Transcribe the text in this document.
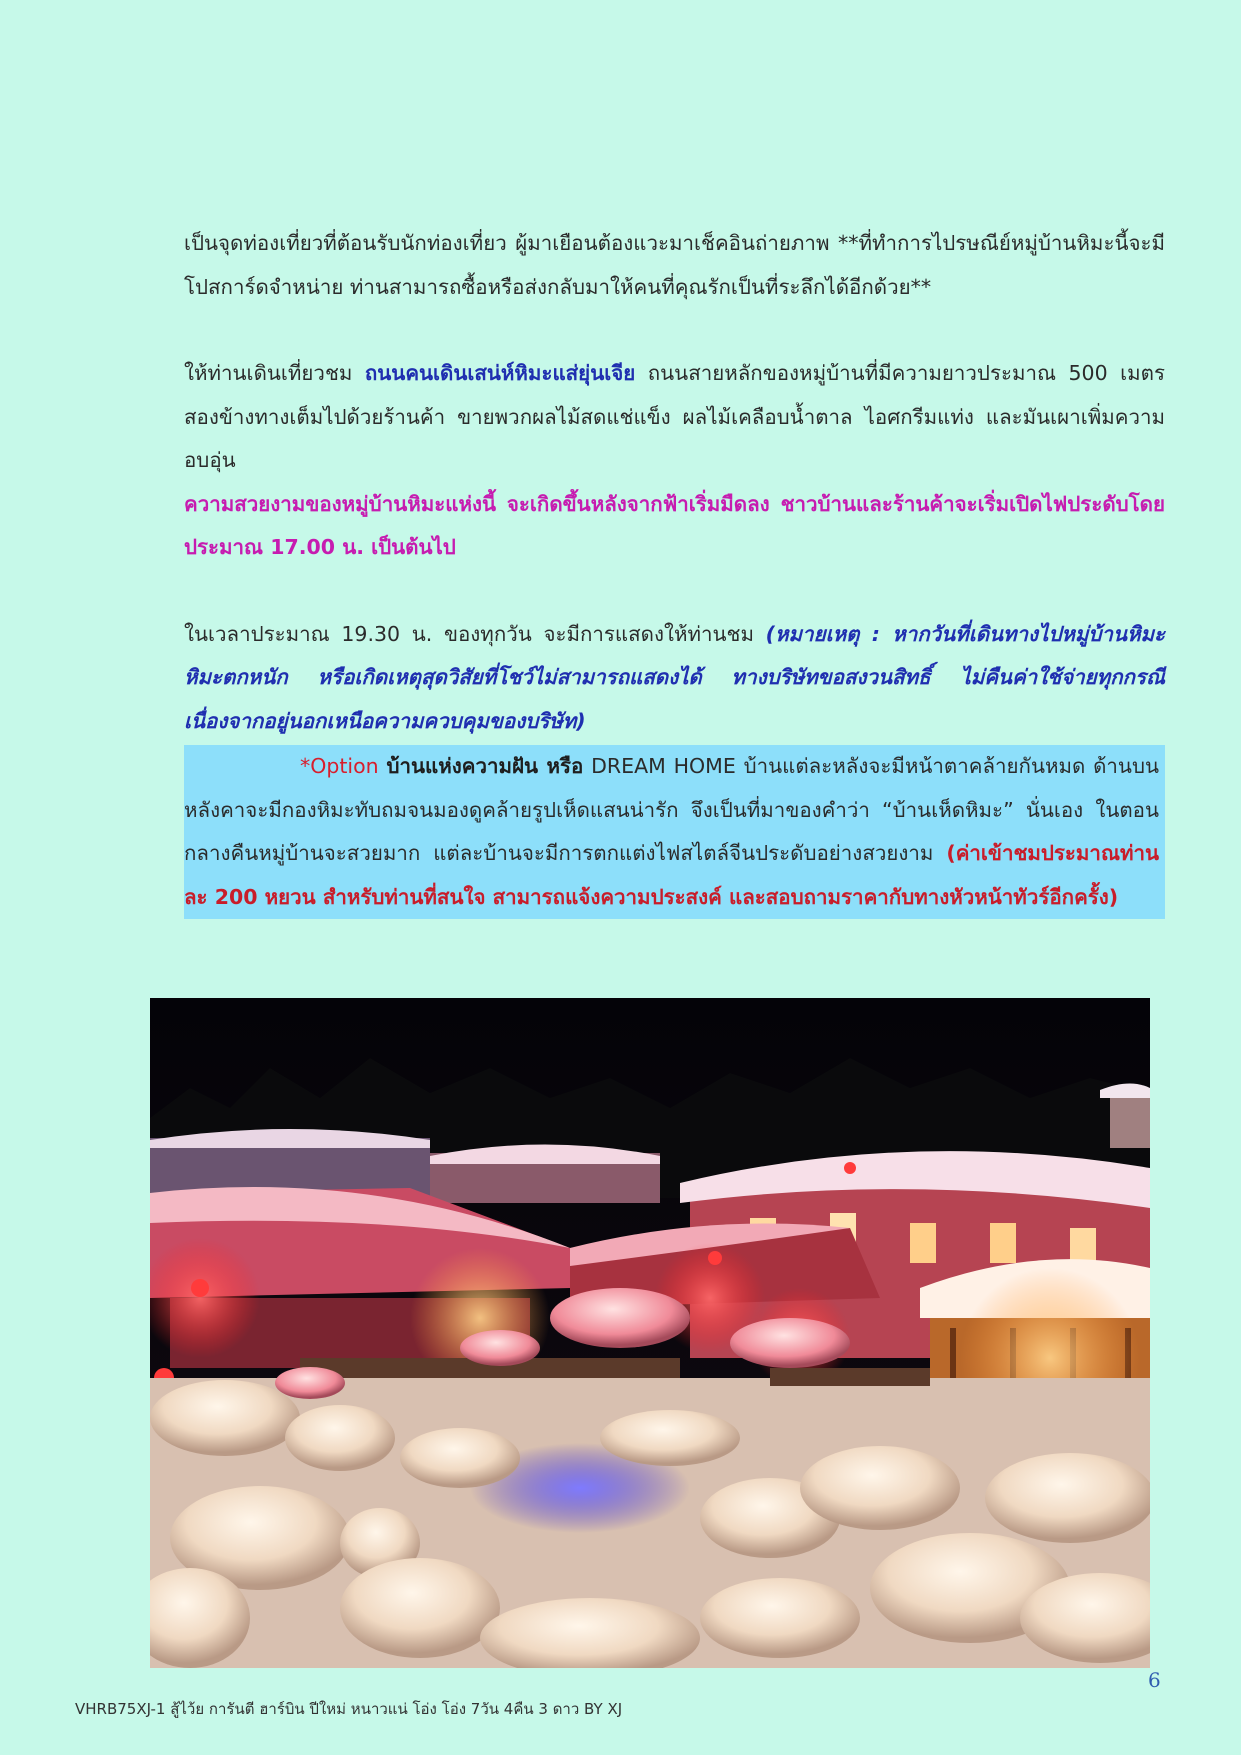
เป็นจุดท่องเที่ยวที่ต้อนรับนักท่องเที่ยว ผู้มาเยือนต้องแวะมาเช็คอินถ่ายภาพ **ที่ทำการไปรษณีย์หมู่บ้านหิมะนี้จะมีโปสการ์ดจำหน่าย ท่านสามารถซื้อหรือส่งกลับมาให้คนที่คุณรักเป็นที่ระลึกได้อีกด้วย**

ให้ท่านเดินเที่ยวชม ถนนคนเดินเสน่ห์หิมะแส่ยุ่นเจีย ถนนสายหลักของหมู่บ้านที่มีความยาวประมาณ 500 เมตร สองข้างทางเต็มไปด้วยร้านค้า ขายพวกผลไม้สดแช่แข็ง ผลไม้เคลือบน้ำตาล ไอศกรีมแท่ง และมันเผาเพิ่มความอบอุ่น

ความสวยงามของหมู่บ้านหิมะแห่งนี้ จะเกิดขึ้นหลังจากฟ้าเริ่มมืดลง ชาวบ้านและร้านค้าจะเริ่มเปิดไฟประดับโดยประมาณ 17.00 น. เป็นต้นไป

ในเวลาประมาณ 19.30 น. ของทุกวัน จะมีการแสดงให้ท่านชม (หมายเหตุ : หากวันที่เดินทางไปหมู่บ้านหิมะหิมะตกหนัก หรือเกิดเหตุสุดวิสัยที่โชว์ไม่สามารถแสดงได้ ทางบริษัทขอสงวนสิทธิ์ ไม่คืนค่าใช้จ่ายทุกกรณี เนื่องจากอยู่นอกเหนือความควบคุมของบริษัท)

*Option บ้านแห่งความฝัน หรือ DREAM HOME บ้านแต่ละหลังจะมีหน้าตาคล้ายกันหมด ด้านบนหลังคาจะมีกองหิมะทับถมจนมองดูคล้ายรูปเห็ดแสนน่ารัก จึงเป็นที่มาของคำว่า “บ้านเห็ดหิมะ” นั่นเอง ในตอนกลางคืนหมู่บ้านจะสวยมาก แต่ละบ้านจะมีการตกแต่งไฟสไตล์จีนประดับอย่างสวยงาม (ค่าเข้าชมประมาณท่านละ 200 หยวน สำหรับท่านที่สนใจ สามารถแจ้งความประสงค์ และสอบถามราคากับทางหัวหน้าทัวร์อีกครั้ง)

6
VHRB75XJ-1 สู้ไว้ย การันตี ฮาร์บิน ปีใหม่ หนาวแน่ โอ่ง โอ่ง 7วัน 4คืน 3 ดาว BY XJ
